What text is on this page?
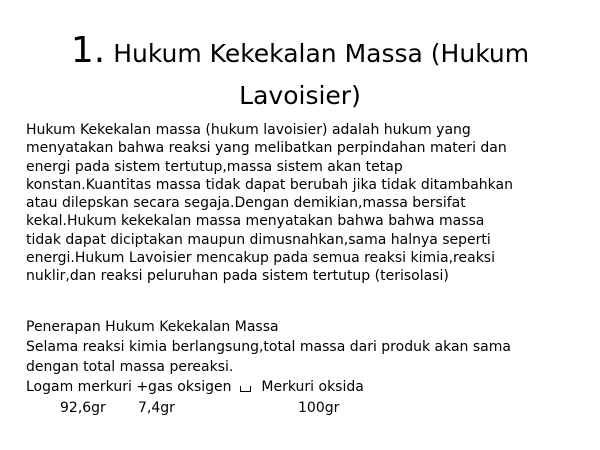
1. Hukum Kekekalan Massa (Hukum
Lavoisier)
Hukum Kekekalan massa (hukum lavoisier) adalah hukum yang
menyatakan bahwa reaksi yang melibatkan perpindahan materi dan
energi pada sistem tertutup,massa sistem akan tetap
konstan.Kuantitas massa tidak dapat berubah jika tidak ditambahkan
atau dilepskan secara segaja.Dengan demikian,massa bersifat
kekal.Hukum kekekalan massa menyatakan bahwa bahwa massa
tidak dapat diciptakan maupun dimusnahkan,sama halnya seperti
energi.Hukum Lavoisier mencakup pada semua reaksi kimia,reaksi
nuklir,dan reaksi peluruhan pada sistem tertutup (terisolasi)
Penerapan Hukum Kekekalan Massa
Selama reaksi kimia berlangsung,total massa dari produk akan sama
dengan total massa pereaksi.
Logam merkuri +gas oksigen Merkuri oksida
92,6gr 7,4gr	100gr
